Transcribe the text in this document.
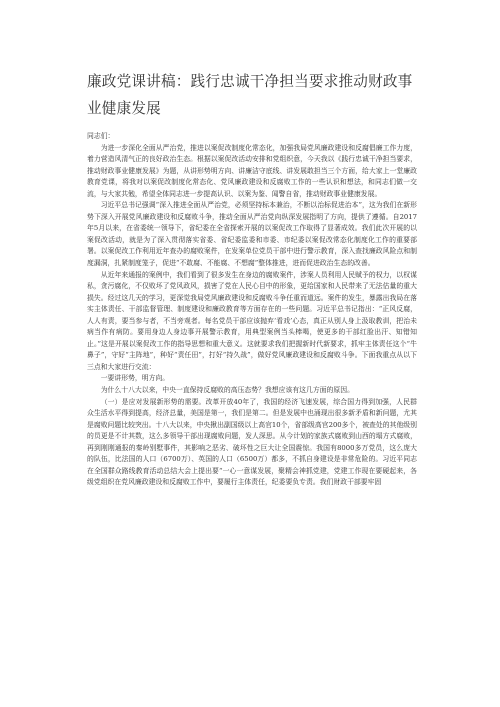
廉政党课讲稿：践行忠诚干净担当要求推动财政事业健康发展

同志们：

为进一步深化全面从严治党，推进以案促改制度化常态化，加强我局党风廉政建设和反腐倡廉工作力度，着力营造风清气正的良好政治生态。根据以案促改活动安排和党组织意，今天我以《践行忠诚干净担当要求，推动财政事业健康发展》为题，从讲形势明方向、讲廉洁守底线、讲发展敢担当三个方面，给大家上一堂廉政教育党课，将我对以案促改制度化常态化、党风廉政建设和反腐败工作的一些认识和想法，和同志们做一交流，与大家共勉，希望全体同志进一步提高认识、以案为鉴、闻警自省，推动财政事业健康发展。

习近平总书记强调“深入推进全面从严治党，必须坚持标本兼治，不断以治标促进治本”，这为我们在新形势下深入开展党风廉政建设和反腐败斗争，推动全面从严治党向纵深发展指明了方向，提供了遵循。自2017年5月以来，在省委统一领导下，省纪委在全省探索开展的以案促改工作取得了显著成效。我们此次开展的以案促改活动，就是为了深入贯彻落实省委、省纪委监委和市委、市纪委以案促改常态化制度化工作的重要部署。以案促改工作利用近年查办的腐败案件，在发案单位党员干部中进行警示教育，深入查找廉政风险点和制度漏洞，扎紧制度笼子，促进“不敢腐、不能腐、不想腐”整体推进，进而促进政治生态的改善。

从近年来通报的案例中，我们看到了很多发生在身边的腐败案件，涉案人员利用人民赋予的权力，以权谋私，贪污腐化，不仅败坏了党风政风，损害了党在人民心目中的形象，更给国家和人民带来了无法估量的重大损失。经过这几天的学习，更深觉我局党风廉政建设和反腐败斗争任重而道远。案件的发生，暴露出我局在落实主体责任、干部监督管理、制度建设和廉政教育等方面存在的一些问题。习近平总书记指出：“正风反腐，人人有责，要当参与者，不当旁观者。每名党员干部应该抛弃‘看戏’心态，真正从别人身上汲取教训，把治未病当作有病防。要用身边人身边事开展警示教育，用典型案例当头棒喝，使更多的干部红脸出汗、知错知止。”这是开展以案促改工作的指导思想和重大意义。这就要求我们把握新时代新要求，抓牢主体责任这个“牛鼻子”，守好“主阵地”，种好“责任田”，打好“持久战”，做好党风廉政建设和反腐败斗争。下面我重点从以下三点和大家进行交流：

一要讲形势，明方向。

为什么十八大以来，中央一直保持反腐败的高压态势？我想应该有这几方面的原因。

（一）是应对发展新形势的需要。改革开放40年了，我国的经济飞速发展，综合国力得到加强，人民群众生活水平得到提高，经济总量，美国是第一，我们是第二。但是发展中也涌现出很多新矛盾和新问题，尤其是腐败问题比较突出。十八大以来，中央揪出副国级以上高官10个，省部级高官200多个，被查处的其他级别的员更是不计其数，这么多领导干部出现腐败问题，发人深思。从今计划的家族式腐败到山西的塌方式腐败，再到刚刚通报的秦岭别墅事件，其影响之恶劣、破坏性之巨大让全国震惊。我国有8000多万党员，这么庞大的队伍，比法国的人口（6700万）、英国的人口（6500万）都多，不抓自身建设是非常危险的。习近平同志在全国群众路线教育活动总结大会上提出要“一心一意谋发展，聚精会神抓党建，党建工作现在要硬起来，各级党组织在党风廉政建设和反腐败工作中，要履行主体责任，纪委要负专责。我们财政干部要牢固
